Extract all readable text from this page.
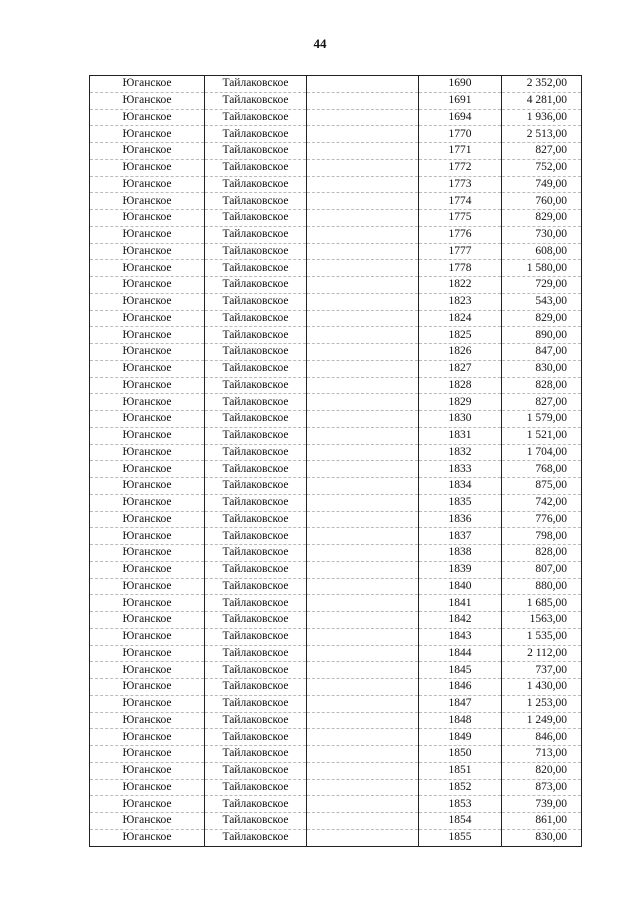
44
Юганское	Тайлаковское		1690	2 352,00
Юганское	Тайлаковское		1691	4 281,00
Юганское	Тайлаковское		1694	1 936,00
Юганское	Тайлаковское		1770	2 513,00
Юганское	Тайлаковское		1771	827,00
Юганское	Тайлаковское		1772	752,00
Юганское	Тайлаковское		1773	749,00
Юганское	Тайлаковское		1774	760,00
Юганское	Тайлаковское		1775	829,00
Юганское	Тайлаковское		1776	730,00
Юганское	Тайлаковское		1777	608,00
Юганское	Тайлаковское		1778	1 580,00
Юганское	Тайлаковское		1822	729,00
Юганское	Тайлаковское		1823	543,00
Юганское	Тайлаковское		1824	829,00
Юганское	Тайлаковское		1825	890,00
Юганское	Тайлаковское		1826	847,00
Юганское	Тайлаковское		1827	830,00
Юганское	Тайлаковское		1828	828,00
Юганское	Тайлаковское		1829	827,00
Юганское	Тайлаковское		1830	1 579,00
Юганское	Тайлаковское		1831	1 521,00
Юганское	Тайлаковское		1832	1 704,00
Юганское	Тайлаковское		1833	768,00
Юганское	Тайлаковское		1834	875,00
Юганское	Тайлаковское		1835	742,00
Юганское	Тайлаковское		1836	776,00
Юганское	Тайлаковское		1837	798,00
Юганское	Тайлаковское		1838	828,00
Юганское	Тайлаковское		1839	807,00
Юганское	Тайлаковское		1840	880,00
Юганское	Тайлаковское		1841	1 685,00
Юганское	Тайлаковское		1842	1563,00
Юганское	Тайлаковское		1843	1 535,00
Юганское	Тайлаковское		1844	2 112,00
Юганское	Тайлаковское		1845	737,00
Юганское	Тайлаковское		1846	1 430,00
Юганское	Тайлаковское		1847	1 253,00
Юганское	Тайлаковское		1848	1 249,00
Юганское	Тайлаковское		1849	846,00
Юганское	Тайлаковское		1850	713,00
Юганское	Тайлаковское		1851	820,00
Юганское	Тайлаковское		1852	873,00
Юганское	Тайлаковское		1853	739,00
Юганское	Тайлаковское		1854	861,00
Юганское	Тайлаковское		1855	830,00
